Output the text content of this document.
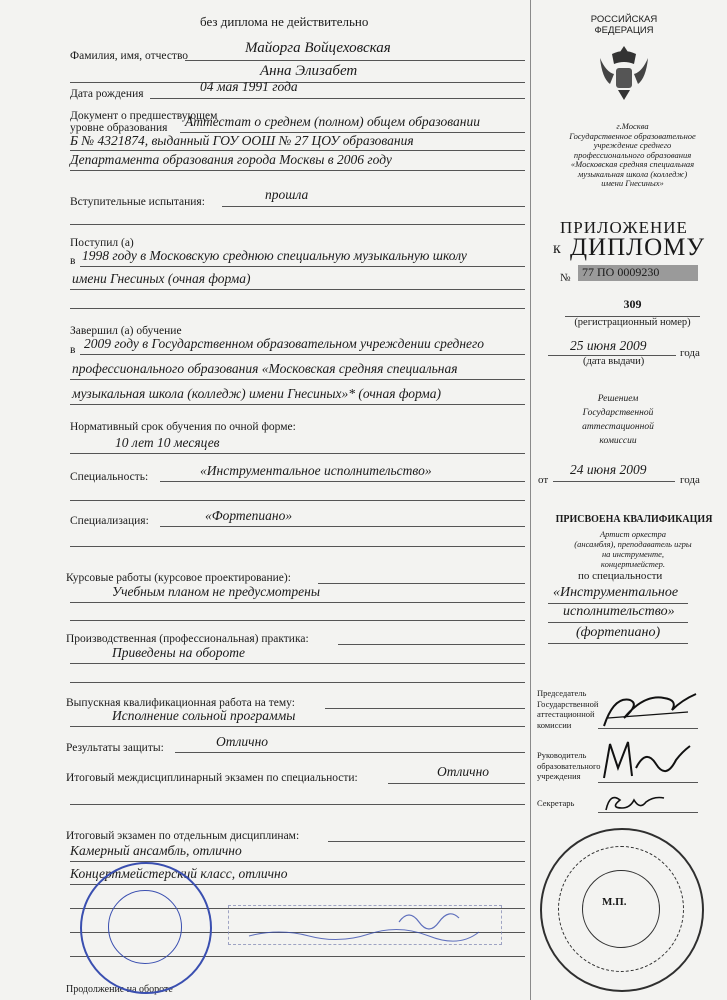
без диплома не действительно
Фамилия, имя, отчество	Майорга Войцеховская
Анна Элизабет
Дата рождения	04 мая 1991 года
Документ о предшествующем
уровне образования Аттестат о среднем (полном) общем образовании
Б № 4321874, выданный ГОУ ООШ № 27 ЦОУ образования
Департамента образования города Москвы в 2006 году
Вступительные испытания:	прошла
Поступил (а)
в 1998 году в Московскую среднюю специальную музыкальную школу
имени Гнесиных (очная форма)
Завершил (а) обучение
в 2009 году в Государственном образовательном учреждении среднего
профессионального образования «Московская средняя специальная
музыкальная школа (колледж) имени Гнесиных»* (очная форма)
Нормативный срок обучения по очной форме:
10 лет 10 месяцев
Специальность:	«Инструментальное исполнительство»
Специализация:	«Фортепиано»
Курсовые работы (курсовое проектирование):
Учебным планом не предусмотрены
Производственная (профессиональная) практика:
Приведены на обороте
Выпускная квалификационная работа на тему:
Исполнение сольной программы
Результаты защиты:	Отлично
Итоговый междисциплинарный экзамен по специальности:	Отлично
Итоговый экзамен по отдельным дисциплинам:
Камерный ансамбль, отлично
Концертмейстерский класс, отлично
Продолжение на обороте
РОССИЙСКАЯ
ФЕДЕРАЦИЯ
г.Москва
Государственное образовательное
учреждение среднего
профессионального образования
«Московская средняя специальная
музыкальная школа (колледж)
имени Гнесиных»
ПРИЛОЖЕНИЕ
к ДИПЛОМУ
№ 77 ПО 0009230
309
(регистрационный номер)
25 июня 2009	года
(дата выдачи)
Решением
Государственной
аттестационной
комиссии
от
24 июня 2009
года
ПРИСВОЕНА КВАЛИФИКАЦИЯ
Артист оркестра
(ансамбля), преподаватель игры
на инструменте,
концертмейстер.
по специальности
«Инструментальное
исполнительство»
(фортепиано)
Председатель
Государственной
аттестационной
комиссии
Руководитель
образовательного
учреждения
Секретарь
М.П.
